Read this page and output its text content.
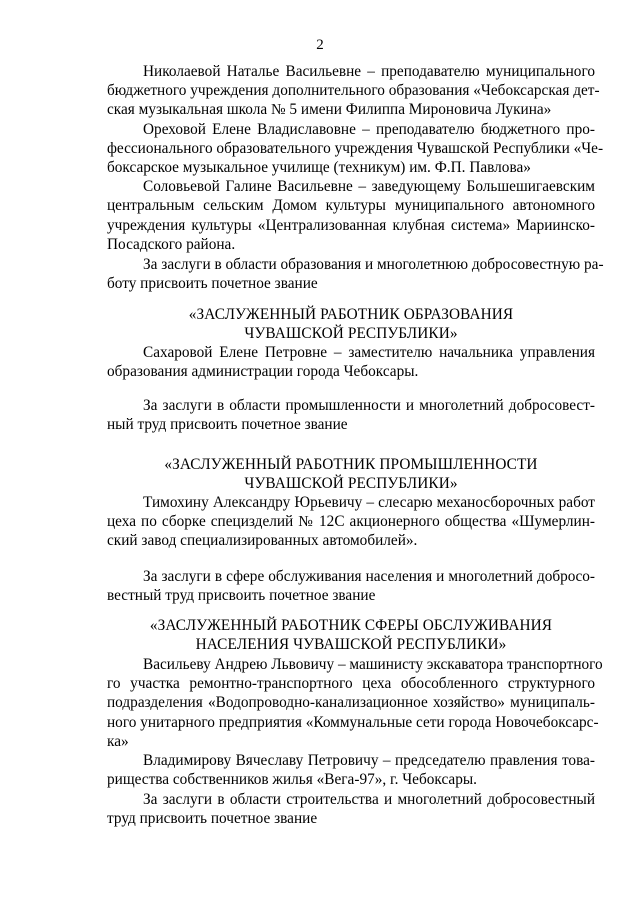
2
Николаевой Наталье Васильевне – преподавателю муниципального
бюджетного учреждения дополнительного образования «Чебоксарская дет-
ская музыкальная школа № 5 имени Филиппа Мироновича Лукина»
Ореховой Елене Владиславовне – преподавателю бюджетного про-
фессионального образовательного учреждения Чувашской Республики «Че-
боксарское музыкальное училище (техникум) им. Ф.П. Павлова»
Соловьевой Галине Васильевне – заведующему Большешигаевским
центральным сельским Домом культуры муниципального автономного
учреждения культуры «Централизованная клубная система» Мариинско-
Посадского района.
За заслуги в области образования и многолетнюю добросовестную ра-
боту присвоить почетное звание
«ЗАСЛУЖЕННЫЙ РАБОТНИК ОБРАЗОВАНИЯ
ЧУВАШСКОЙ РЕСПУБЛИКИ»
Сахаровой Елене Петровне – заместителю начальника управления
образования администрации города Чебоксары.
За заслуги в области промышленности и многолетний добросовест-
ный труд присвоить почетное звание
«ЗАСЛУЖЕННЫЙ РАБОТНИК ПРОМЫШЛЕННОСТИ
ЧУВАШСКОЙ РЕСПУБЛИКИ»
Тимохину Александру Юрьевичу – слесарю механосборочных работ
цеха по сборке специзделий № 12С акционерного общества «Шумерлин-
ский завод специализированных автомобилей».
За заслуги в сфере обслуживания населения и многолетний доброcо-
вестный труд присвоить почетное звание
«ЗАСЛУЖЕННЫЙ РАБОТНИК СФЕРЫ ОБСЛУЖИВАНИЯ
НАСЕЛЕНИЯ ЧУВАШСКОЙ РЕСПУБЛИКИ»
Васильеву Андрею Львовичу – машинисту экскаватора транспортного
го участка ремонтно-транспортного цеха обособленного структурного
подразделения «Водопроводно-канализационное хозяйство» муниципаль-
ного унитарного предприятия «Коммунальные сети города Новочебоксарс-
ка»
Владимирову Вячеславу Петровичу – председателю правления това-
рищества собственников жилья «Вега-97», г. Чебоксары.
За заслуги в области строительства и многолетний добросовестный
труд присвоить почетное звание
